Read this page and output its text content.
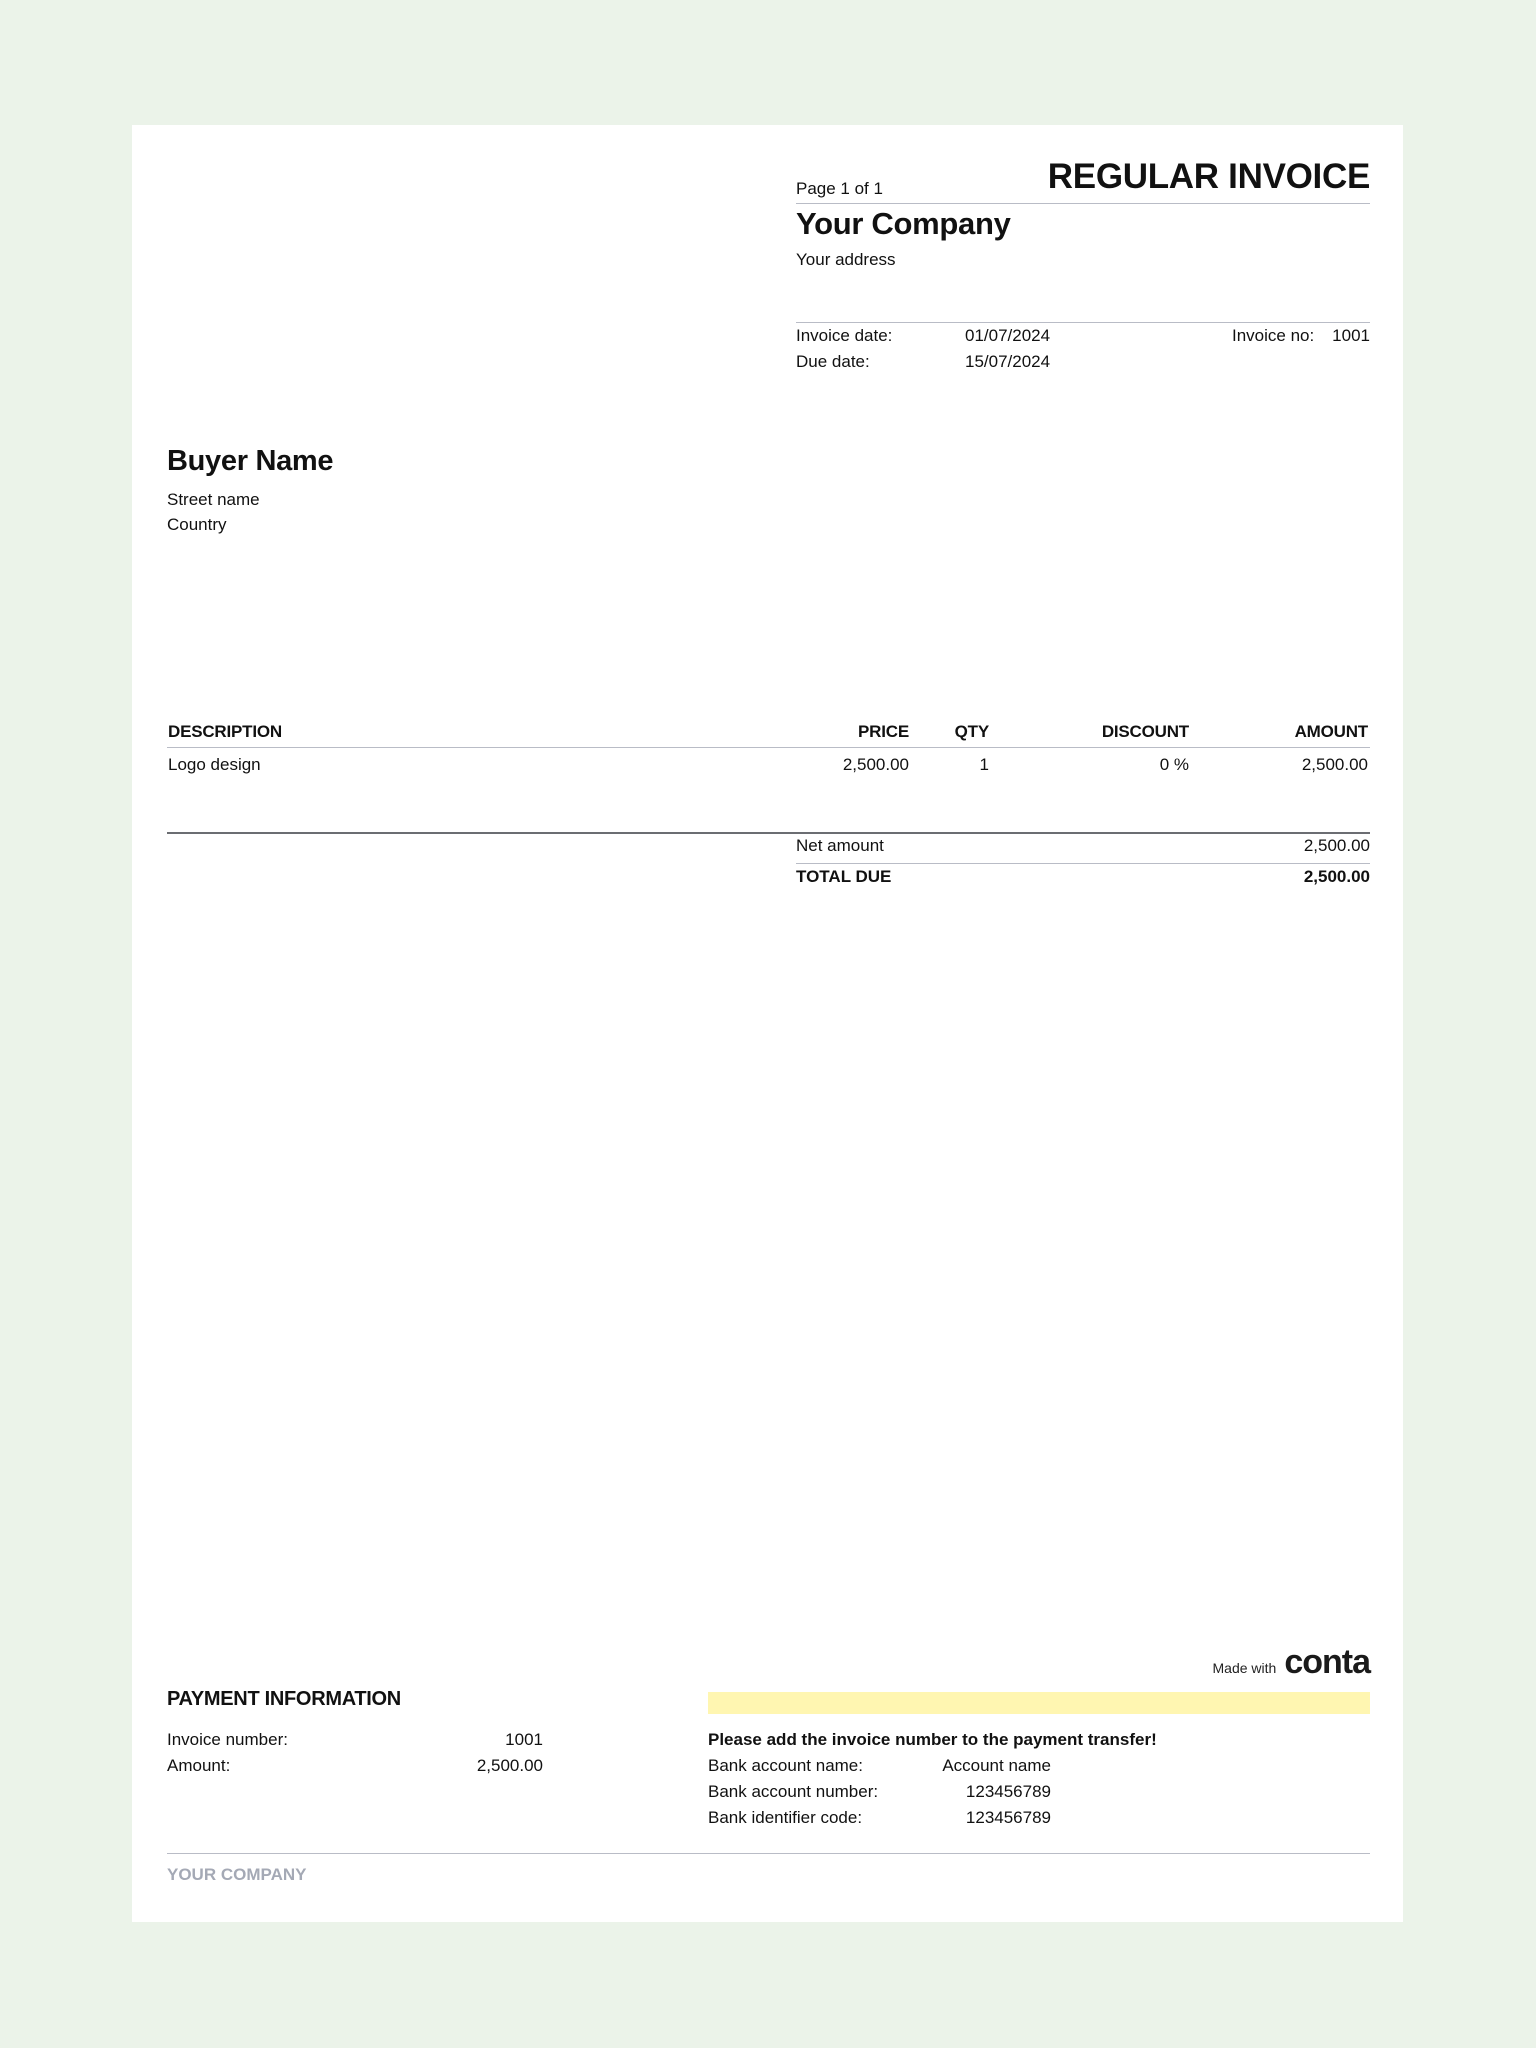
Page 1 of 1	REGULAR INVOICE
Your Company
Your address
Invoice date:	01/07/2024
Due date:	15/07/2024
Invoice no: 1001
Buyer Name
Street name
Country
DESCRIPTION	PRICE	QTY	DISCOUNT	AMOUNT
Logo design	2,500.00	1	0 %	2,500.00
Net amount	2,500.00
TOTAL DUE	2,500.00
Made with conta
PAYMENT INFORMATION
Invoice number:	1001
Amount:	2,500.00
Please add the invoice number to the payment transfer!
Bank account name:	Account name
Bank account number:	123456789
Bank identifier code:	123456789
YOUR COMPANY
